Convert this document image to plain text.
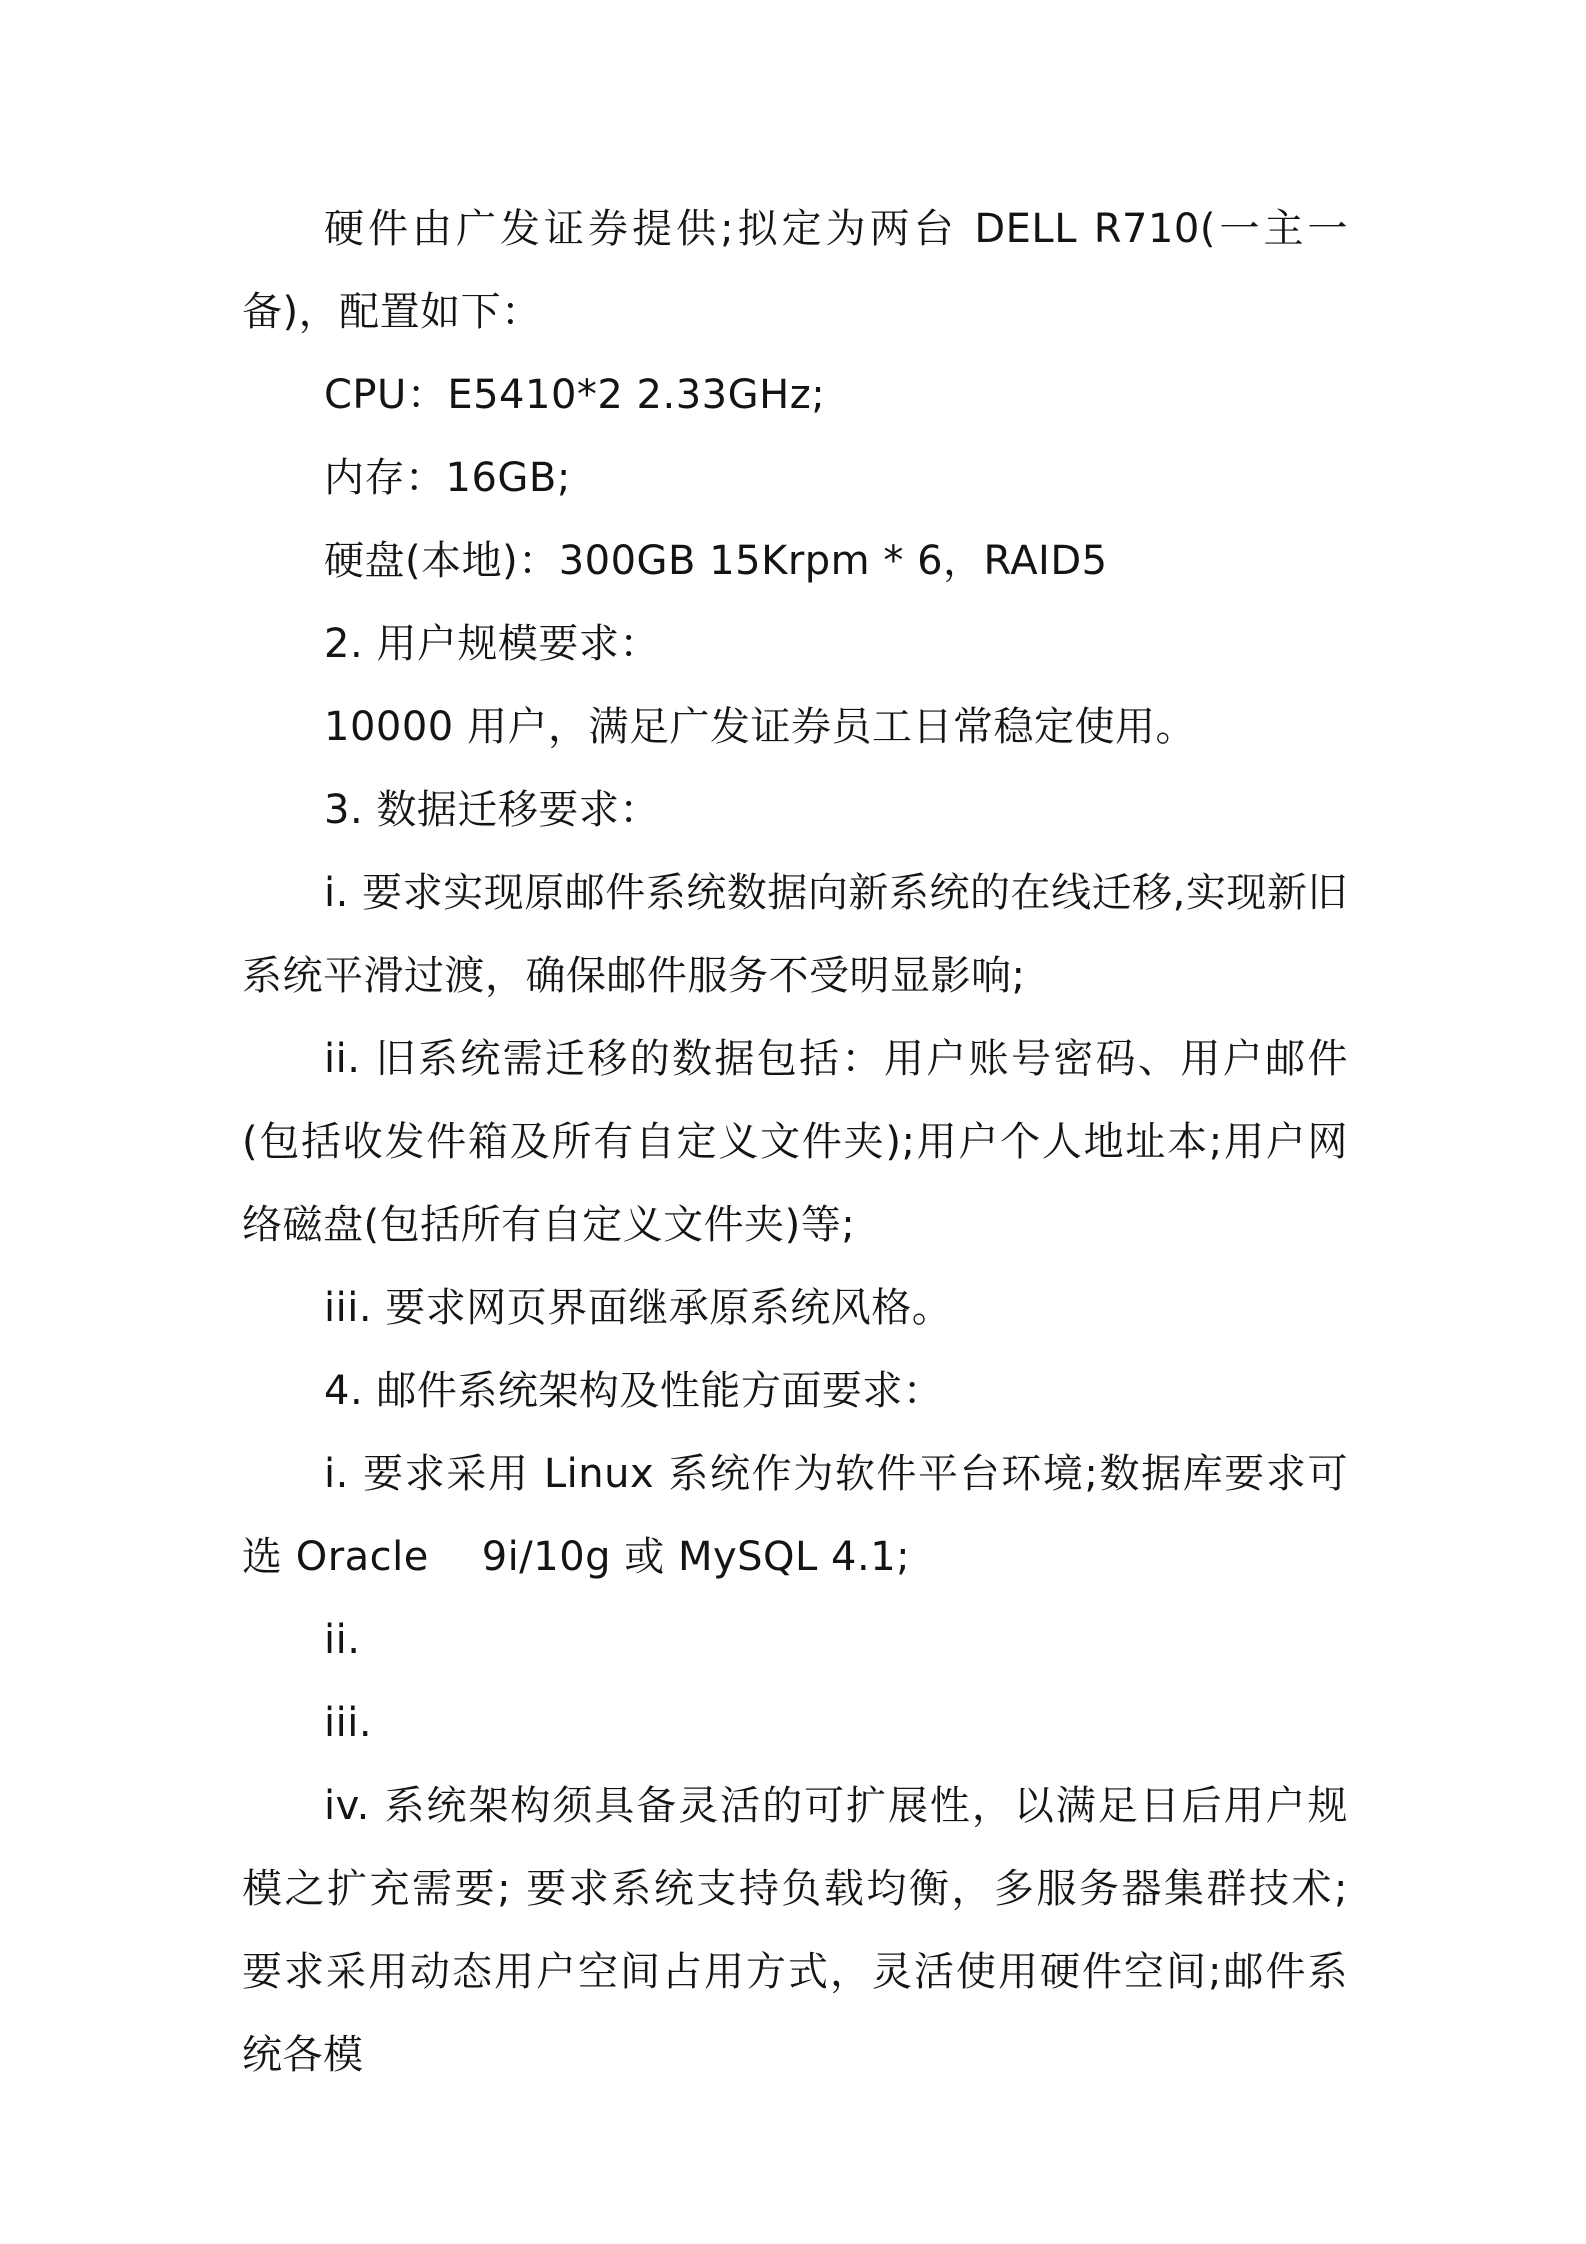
硬件由广发证券提供;拟定为两台 DELL R710(一主一备)，配置如下：

CPU：E5410*2 2.33GHz;

内存：16GB;

硬盘(本地)：300GB 15Krpm * 6，RAID5

2. 用户规模要求：

10000 用户，满足广发证券员工日常稳定使用。

3. 数据迁移要求：

i. 要求实现原邮件系统数据向新系统的在线迁移,实现新旧系统平滑过渡，确保邮件服务不受明显影响;

ii. 旧系统需迁移的数据包括：用户账号密码、用户邮件(包括收发件箱及所有自定义文件夹);用户个人地址本;用户网络磁盘(包括所有自定义文件夹)等;

iii. 要求网页界面继承原系统风格。

4. 邮件系统架构及性能方面要求：

i. 要求采用 Linux 系统作为软件平台环境;数据库要求可选 Oracle    9i/10g 或 MySQL 4.1;

ii.

iii.

iv. 系统架构须具备灵活的可扩展性，以满足日后用户规模之扩充需要; 要求系统支持负载均衡，多服务器集群技术; 要求采用动态用户空间占用方式，灵活使用硬件空间;邮件系统各模
